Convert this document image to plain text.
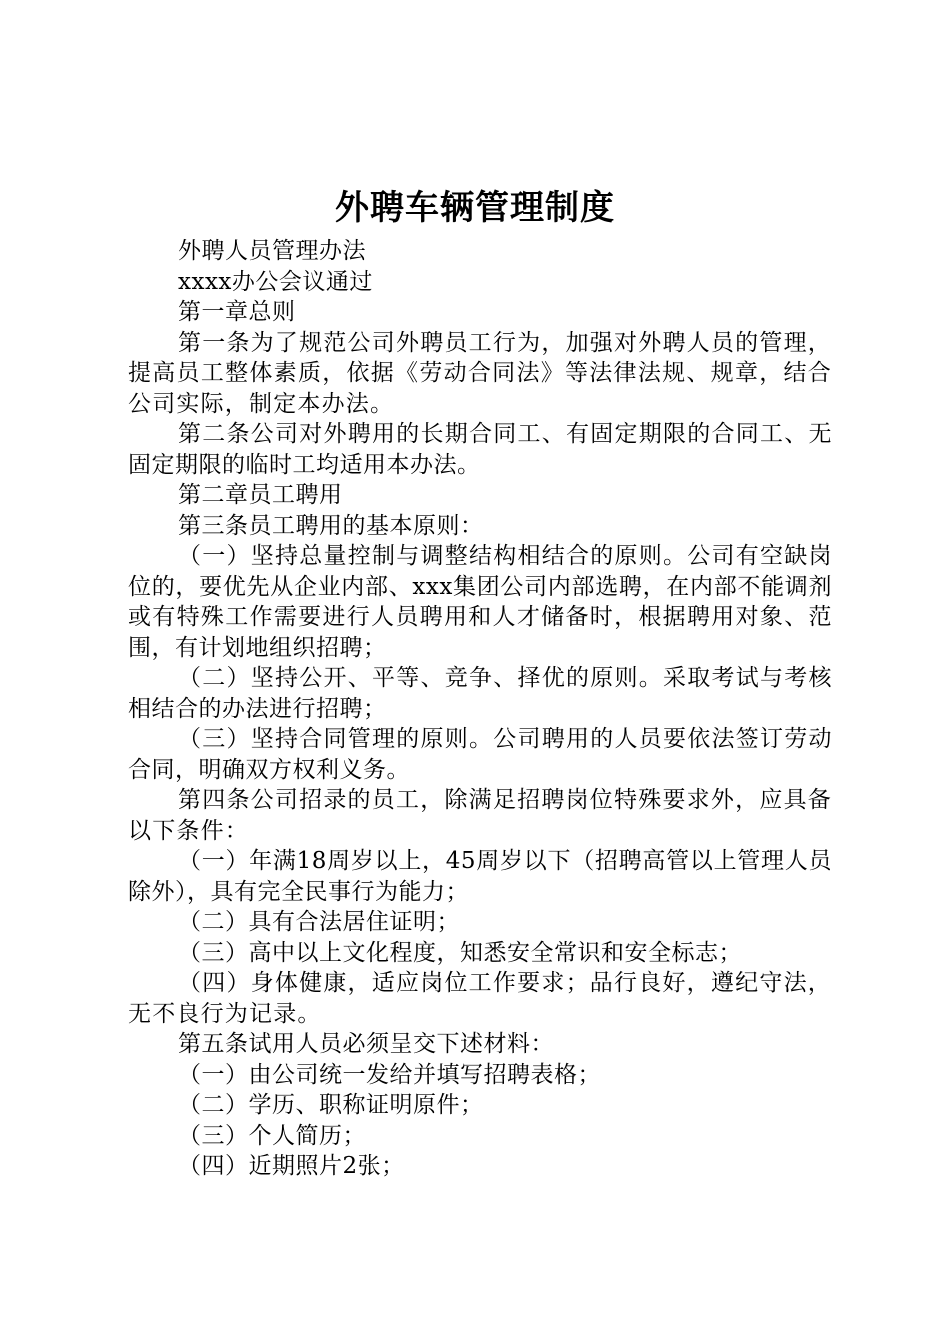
外聘车辆管理制度

外聘人员管理办法

xxxx办公会议通过

第一章总则

第一条为了规范公司外聘员工行为，加强对外聘人员的管理，提高员工整体素质，依据《劳动合同法》等法律法规、规章，结合公司实际，制定本办法。

第二条公司对外聘用的长期合同工、有固定期限的合同工、无固定期限的临时工均适用本办法。

第二章员工聘用

第三条员工聘用的基本原则：

（一）坚持总量控制与调整结构相结合的原则。公司有空缺岗位的，要优先从企业内部、xxx集团公司内部选聘，在内部不能调剂或有特殊工作需要进行人员聘用和人才储备时，根据聘用对象、范围，有计划地组织招聘；

（二）坚持公开、平等、竞争、择优的原则。采取考试与考核相结合的办法进行招聘；

（三）坚持合同管理的原则。公司聘用的人员要依法签订劳动合同，明确双方权利义务。

第四条公司招录的员工，除满足招聘岗位特殊要求外，应具备以下条件：

（一）年满18周岁以上，45周岁以下（招聘高管以上管理人员除外），具有完全民事行为能力；

（二）具有合法居住证明；

（三）高中以上文化程度，知悉安全常识和安全标志；

（四）身体健康，适应岗位工作要求；品行良好，遵纪守法，无不良行为记录。

第五条试用人员必须呈交下述材料：

（一）由公司统一发给并填写招聘表格；

（二）学历、职称证明原件；

（三）个人简历；

（四）近期照片2张；
